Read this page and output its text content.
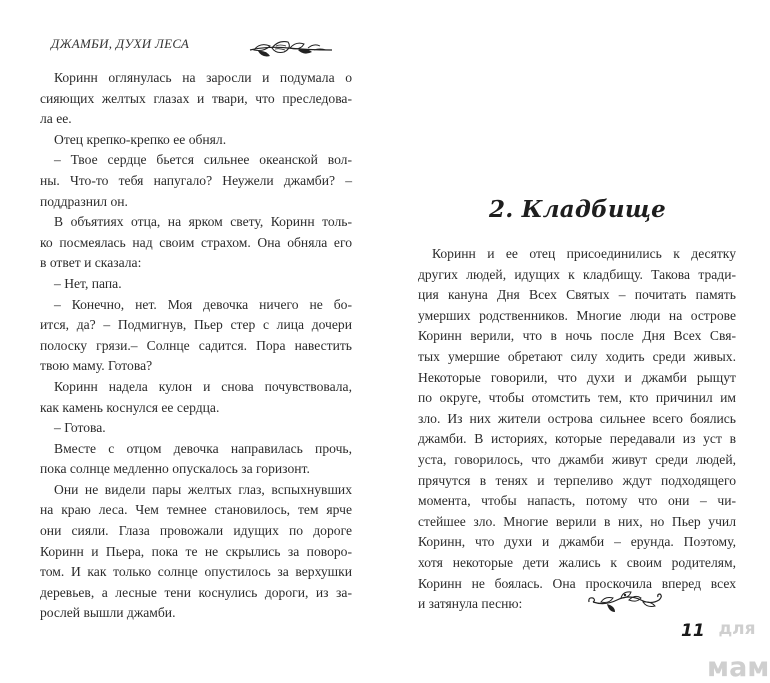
ДЖАМБИ, ДУХИ ЛЕСА
Коринн оглянулась на заросли и подумала о
сияющих желтых глазах и твари, что преследова-
ла ее.
Отец крепко-крепко ее обнял.
– Твое сердце бьется сильнее океанской вол-
ны. Что-то тебя напугало? Неужели джамби? –
поддразнил он.
В объятиях отца, на ярком свету, Коринн толь-
ко посмеялась над своим страхом. Она обняла его
в ответ и сказала:
– Нет, папа.
– Конечно, нет. Моя девочка ничего не бо-
ится, да? – Подмигнув, Пьер стер с лица дочери
полоску грязи.– Солнце садится. Пора навестить
твою маму. Готова?
Коринн надела кулон и снова почувствовала,
как камень коснулся ее сердца.
– Готова.
Вместе с отцом девочка направилась прочь,
пока солнце медленно опускалось за горизонт.
Они не видели пары желтых глаз, вспыхнувших
на краю леса. Чем темнее становилось, тем ярче
они сияли. Глаза провожали идущих по дороге
Коринн и Пьера, пока те не скрылись за поворо-
том. И как только солнце опустилось за верхушки
деревьев, а лесные тени коснулись дороги, из за-
рослей вышли джамби.
2. Кладбище
Коринн и ее отец присоединились к десятку
других людей, идущих к кладбищу. Такова тради-
ция кануна Дня Всех Святых – почитать память
умерших родственников. Многие люди на острове
Коринн верили, что в ночь после Дня Всех Свя-
тых умершие обретают силу ходить среди живых.
Некоторые говорили, что духи и джамби рыщут
по округе, чтобы отомстить тем, кто причинил им
зло. Из них жители острова сильнее всего боялись
джамби. В историях, которые передавали из уст в
уста, говорилось, что джамби живут среди людей,
прячутся в тенях и терпеливо ждут подходящего
момента, чтобы напасть, потому что они – чи-
стейшее зло. Многие верили в них, но Пьер учил
Коринн, что духи и джамби – ерунда. Поэтому,
хотя некоторые дети жались к своим родителям,
Коринн не боялась. Она проскочила вперед всех
и затянула песню:
11 для
мам
